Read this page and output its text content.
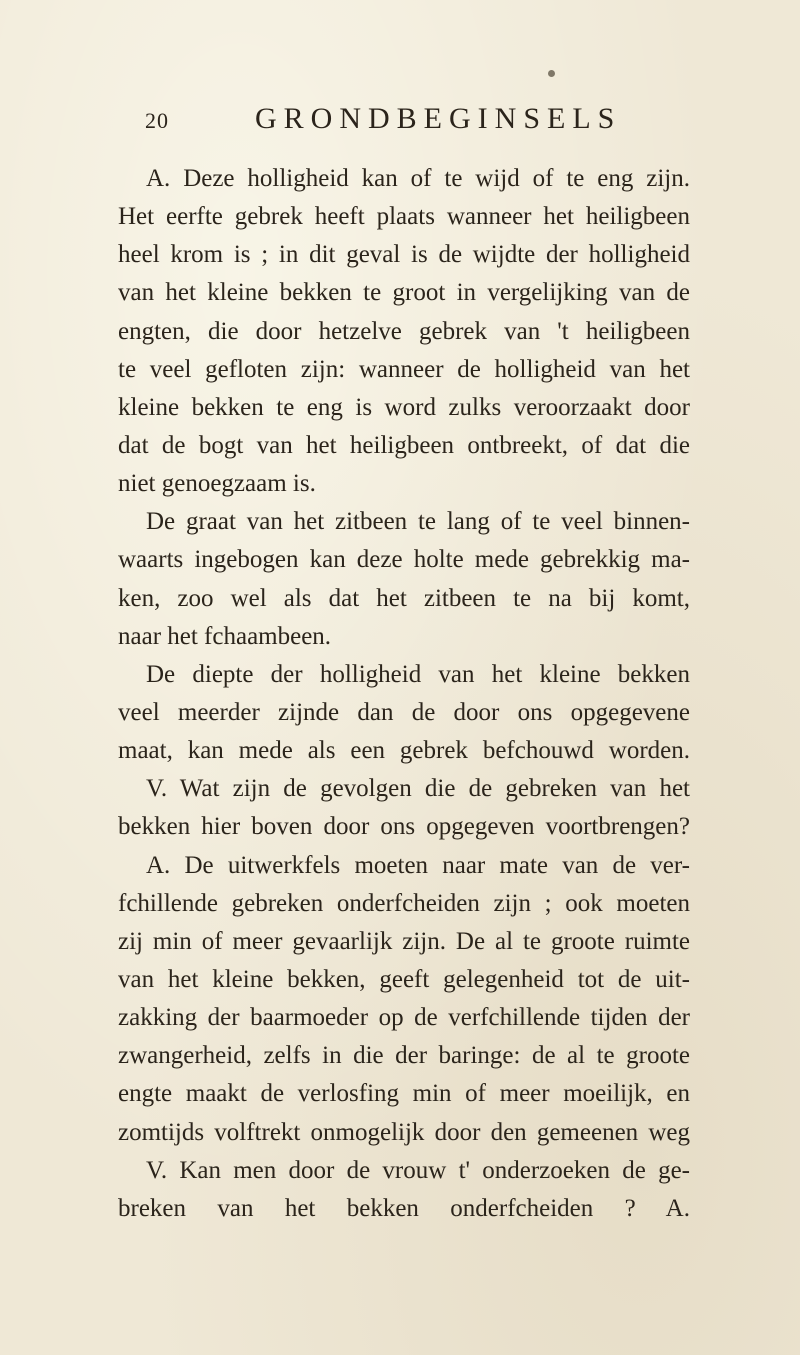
20	GRONDBEGINSELS
A. Deze holligheid kan of te wijd of te eng zijn.
Het eerfte gebrek heeft plaats wanneer het heiligbeen
heel krom is ; in dit geval is de wijdte der holligheid
van het kleine bekken te groot in vergelijking van de
engten, die door hetzelve gebrek van 't heiligbeen
te veel gefloten zijn: wanneer de holligheid van het
kleine bekken te eng is word zulks veroorzaakt door
dat de bogt van het heiligbeen ontbreekt, of dat die
niet genoegzaam is.
De graat van het zitbeen te lang of te veel binnen-
waarts ingebogen kan deze holte mede gebrekkig ma-
ken, zoo wel als dat het zitbeen te na bij komt,
naar het fchaambeen.
De diepte der holligheid van het kleine bekken
veel meerder zijnde dan de door ons opgegevene
maat, kan mede als een gebrek befchouwd worden.
V. Wat zijn de gevolgen die de gebreken van het
bekken hier boven door ons opgegeven voortbrengen?
A. De uitwerkfels moeten naar mate van de ver-
fchillende gebreken onderfcheiden zijn ; ook moeten
zij min of meer gevaarlijk zijn. De al te groote ruimte
van het kleine bekken, geeft gelegenheid tot de uit-
zakking der baarmoeder op de verfchillende tijden der
zwangerheid, zelfs in die der baringe: de al te groote
engte maakt de verlosfing min of meer moeilijk, en
zomtijds volftrekt onmogelijk door den gemeenen weg
V. Kan men door de vrouw t' onderzoeken de ge-
breken van het bekken onderfcheiden ? A.
